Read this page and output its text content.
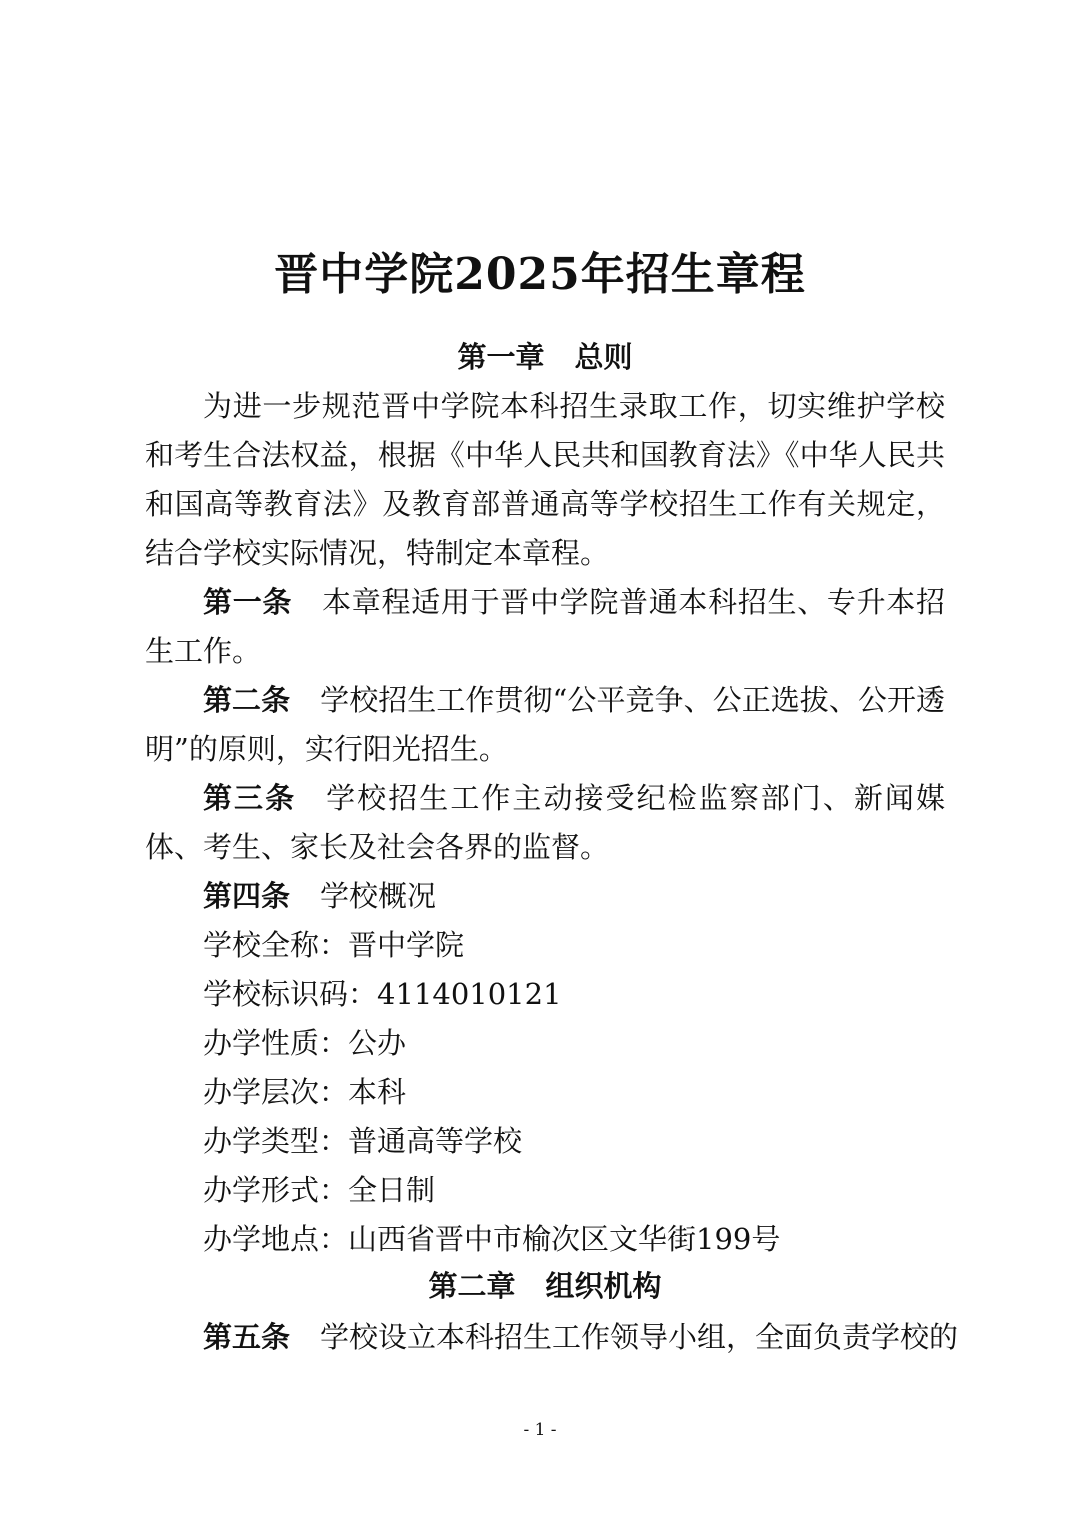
晋中学院2025年招生章程
第一章 总则
为进一步规范晋中学院本科招生录取工作，切实维护学校和考生合法权益，根据《中华人民共和国教育法》《中华人民共和国高等教育法》及教育部普通高等学校招生工作有关规定，结合学校实际情况，特制定本章程。
第一条 本章程适用于晋中学院普通本科招生、专升本招生工作。
第二条 学校招生工作贯彻“公平竞争、公正选拔、公开透明”的原则，实行阳光招生。
第三条 学校招生工作主动接受纪检监察部门、新闻媒体、考生、家长及社会各界的监督。
第四条 学校概况
学校全称：晋中学院
学校标识码：4114010121
办学性质：公办
办学层次：本科
办学类型：普通高等学校
办学形式：全日制
办学地点：山西省晋中市榆次区文华街199号
第二章 组织机构
第五条 学校设立本科招生工作领导小组，全面负责学校的
- 1 -
